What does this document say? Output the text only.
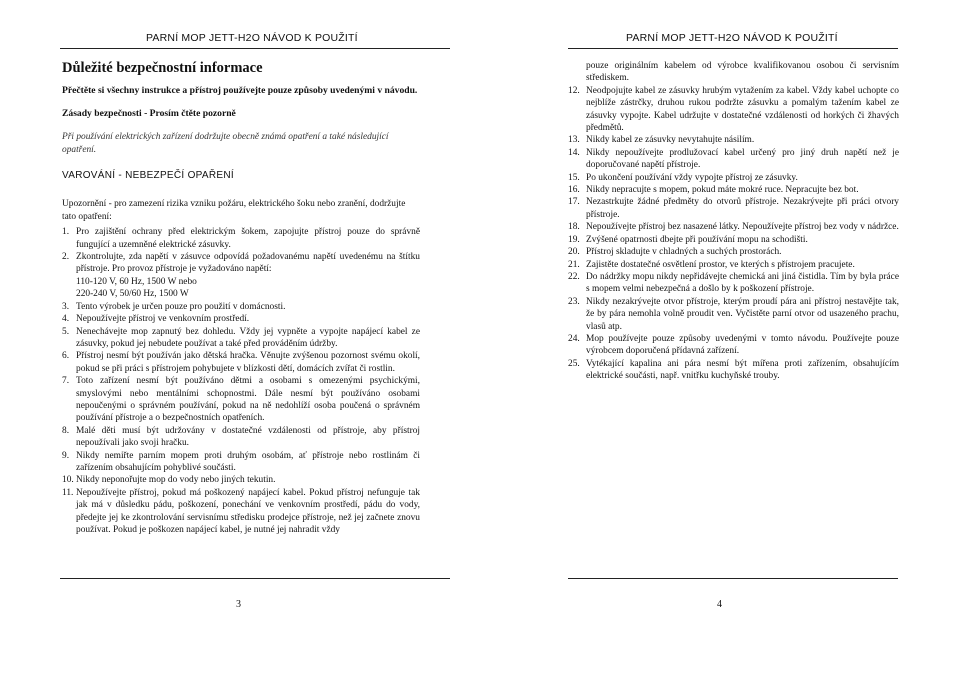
PARNÍ MOP JETT-H2O NÁVOD K POUŽITÍ
Důležité bezpečnostní informace
Přečtěte si všechny instrukce a přístroj používejte pouze způsoby uvedenými v návodu.
Zásady bezpečnosti - Prosím čtěte pozorně
Při používání elektrických zařízení dodržujte obecně známá opatření a také následující opatření.
VAROVÁNÍ - NEBEZPEČÍ OPAŘENÍ
Upozornění - pro zamezení rizika vzniku požáru, elektrického šoku nebo zranění, dodržujte tato opatření:
1. Pro zajištění ochrany před elektrickým šokem, zapojujte přístroj pouze do správně fungující a uzemněné elektrické zásuvky.
2. Zkontrolujte, zda napětí v zásuvce odpovídá požadovanému napětí uvedenému na štítku přístroje. Pro provoz přístroje je vyžadováno napětí:
110-120 V, 60 Hz, 1500 W nebo
220-240 V, 50/60 Hz, 1500 W
3. Tento výrobek je určen pouze pro použití v domácnosti.
4. Nepoužívejte přístroj ve venkovním prostředí.
5. Nenechávejte mop zapnutý bez dohledu. Vždy jej vypněte a vypojte napájecí kabel ze zásuvky, pokud jej nebudete používat a také před prováděním údržby.
6. Přístroj nesmí být používán jako dětská hračka. Věnujte zvýšenou pozornost svému okolí, pokud se při práci s přístrojem pohybujete v blízkosti dětí, domácích zvířat či rostlin.
7. Toto zařízení nesmí být používáno dětmi a osobami s omezenými psychickými, smyslovými nebo mentálními schopnostmi. Dále nesmí být používáno osobami nepoučenými o správném používání, pokud na ně nedohlíží osoba poučená o správném používání přístroje a o bezpečnostních opatřeních.
8. Malé děti musí být udržovány v dostatečné vzdálenosti od přístroje, aby přístroj nepoužívali jako svoji hračku.
9. Nikdy nemiřte parním mopem proti druhým osobám, ať přístroje nebo rostlinám či zařízením obsahujícím pohyblivé součásti.
10. Nikdy neponořujte mop do vody nebo jiných tekutin.
11. Nepoužívejte přístroj, pokud má poškozený napájecí kabel. Pokud přístroj nefunguje tak jak má v důsledku pádu, poškození, ponechání ve venkovním prostředí, pádu do vody, předejte jej ke zkontrolování servisnímu středisku prodejce přístroje, než jej začnete znovu používat. Pokud je poškozen napájecí kabel, je nutné jej nahradit vždy
3
PARNÍ MOP JETT-H2O NÁVOD K POUŽITÍ
pouze originálním kabelem od výrobce kvalifikovanou osobou či servisním střediskem.
12. Neodpojujte kabel ze zásuvky hrubým vytažením za kabel. Vždy kabel uchopte co nejblíže zástrčky, druhou rukou podržte zásuvku a pomalým tažením kabel ze zásuvky vypojte. Kabel udržujte v dostatečné vzdálenosti od horkých či žhavých předmětů.
13. Nikdy kabel ze zásuvky nevytahujte násilím.
14. Nikdy nepoužívejte prodlužovací kabel určený pro jiný druh napětí než je doporučované napětí přístroje.
15. Po ukončení používání vždy vypojte přístroj ze zásuvky.
16. Nikdy nepracujte s mopem, pokud máte mokré ruce. Nepracujte bez bot.
17. Nezastrkujte žádné předměty do otvorů přístroje. Nezakrývejte při práci otvory přístroje.
18. Nepoužívejte přístroj bez nasazené látky. Nepoužívejte přístroj bez vody v nádržce.
19. Zvýšené opatrnosti dbejte při používání mopu na schodišti.
20. Přístroj skladujte v chladných a suchých prostorách.
21. Zajistěte dostatečné osvětlení prostor, ve kterých s přístrojem pracujete.
22. Do nádržky mopu nikdy nepřidávejte chemická ani jiná čistidla. Tím by byla práce s mopem velmi nebezpečná a došlo by k poškození přístroje.
23. Nikdy nezakrývejte otvor přístroje, kterým proudí pára ani přístroj nestavějte tak, že by pára nemohla volně proudit ven. Vyčistěte parní otvor od usazeného prachu, vlasů atp.
24. Mop používejte pouze způsoby uvedenými v tomto návodu. Používejte pouze výrobcem doporučená přídavná zařízení.
25. Vytékající kapalina ani pára nesmí být mířena proti zařízením, obsahujícím elektrické součásti, např. vnitřku kuchyňské trouby.
4
